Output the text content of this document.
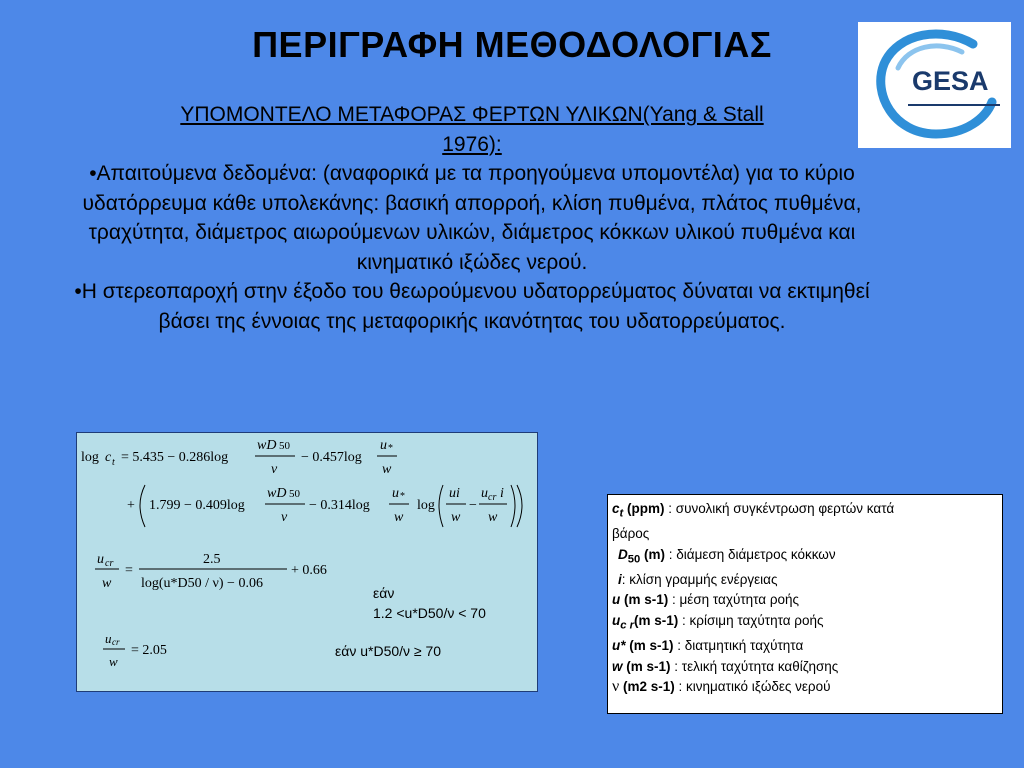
ΠΕΡΙΓΡΑΦΗ ΜΕΘΟΔΟΛΟΓΙΑΣ
GESA
ΥΠΟΜΟΝΤΕΛΟ ΜΕΤΑΦΟΡΑΣ ΦΕΡΤΩΝ ΥΛΙΚΩΝ(Yang & Stall
1976):

•Απαιτούμενα δεδομένα: (αναφορικά με τα προηγούμενα υπομοντέλα) για το κύριο υδατόρρευμα κάθε υπολεκάνης: βασική απορροή, κλίση πυθμένα, πλάτος πυθμένα, τραχύτητα, διάμετρος αιωρούμενων υλικών, διάμετρος κόκκων υλικού πυθμένα και κινηματικό ιξώδες νερού.

•Η στερεοπαροχή στην έξοδο του θεωρούμενου υδατορρεύματος δύναται να εκτιμηθεί βάσει της έννοιας της μεταφορικής ικανότητας του υδατορρεύματος.

log c t = 5.435 − 0.286log
wD 50
ν
− 0.457log
u *
w
+ 1.799 − 0.409log
wD 50
ν
− 0.314log
u *
w
log
ui
w
−
u cr i
w
u cr
w
=
2.5
log(u*D50 / ν) − 0.06
+ 0.66
u cr
w
= 2.05
εάν
1.2 <u*D50/ν < 70
εάν u*D50/ν ≥ 70
$c_t$ (ppm) : συνολική συγκέντρωση φερτών κατά
βάρος
$D_{50}$ (m) : διάμεση διάμετρος κόκκων
i: κλίση γραμμής ενέργειας
u (m s-1) : μέση ταχύτητα ροής
$u_{c r}(m$ s-1) : κρίσιμη ταχύτητα ροής
u* (m s-1) : διατμητική ταχύτητα
w (m s-1) : τελική ταχύτητα καθίζησης
ν (m2 s-1) : κινηματικό ιξώδες νερού
